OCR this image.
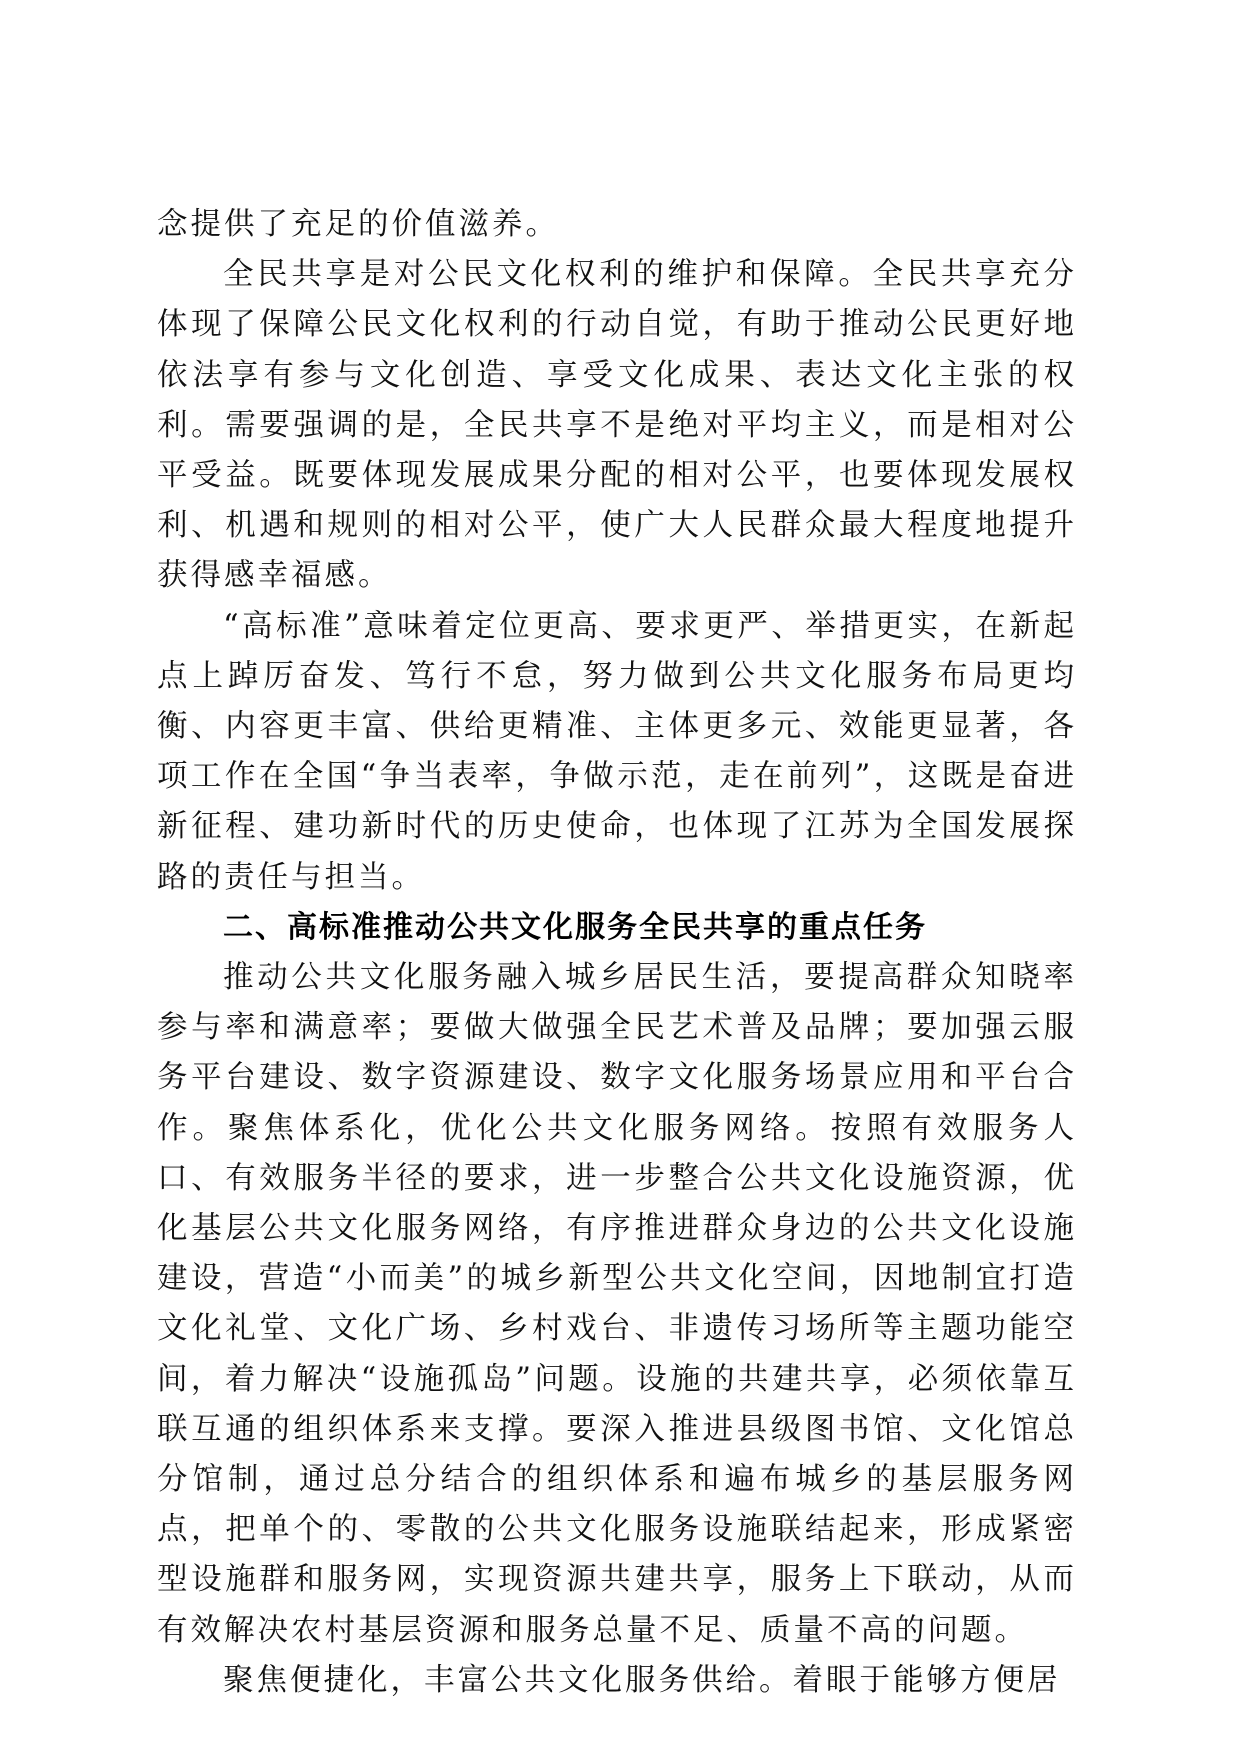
念提供了充足的价值滋养。

全民共享是对公民文化权利的维护和保障。全民共享充分体现了保障公民文化权利的行动自觉，有助于推动公民更好地依法享有参与文化创造、享受文化成果、表达文化主张的权利。需要强调的是，全民共享不是绝对平均主义，而是相对公平受益。既要体现发展成果分配的相对公平，也要体现发展权利、机遇和规则的相对公平，使广大人民群众最大程度地提升获得感幸福感。

“高标准”意味着定位更高、要求更严、举措更实，在新起点上踔厉奋发、笃行不怠，努力做到公共文化服务布局更均衡、内容更丰富、供给更精准、主体更多元、效能更显著，各项工作在全国“争当表率，争做示范，走在前列”，这既是奋进新征程、建功新时代的历史使命，也体现了江苏为全国发展探路的责任与担当。

二、高标准推动公共文化服务全民共享的重点任务

推动公共文化服务融入城乡居民生活，要提高群众知晓率参与率和满意率；要做大做强全民艺术普及品牌；要加强云服务平台建设、数字资源建设、数字文化服务场景应用和平台合作。聚焦体系化，优化公共文化服务网络。按照有效服务人口、有效服务半径的要求，进一步整合公共文化设施资源，优化基层公共文化服务网络，有序推进群众身边的公共文化设施建设，营造“小而美”的城乡新型公共文化空间，因地制宜打造文化礼堂、文化广场、乡村戏台、非遗传习场所等主题功能空间，着力解决“设施孤岛”问题。设施的共建共享，必须依靠互联互通的组织体系来支撑。要深入推进县级图书馆、文化馆总分馆制，通过总分结合的组织体系和遍布城乡的基层服务网点，把单个的、零散的公共文化服务设施联结起来，形成紧密型设施群和服务网，实现资源共建共享，服务上下联动，从而有效解决农村基层资源和服务总量不足、质量不高的问题。

聚焦便捷化，丰富公共文化服务供给。着眼于能够方便居
